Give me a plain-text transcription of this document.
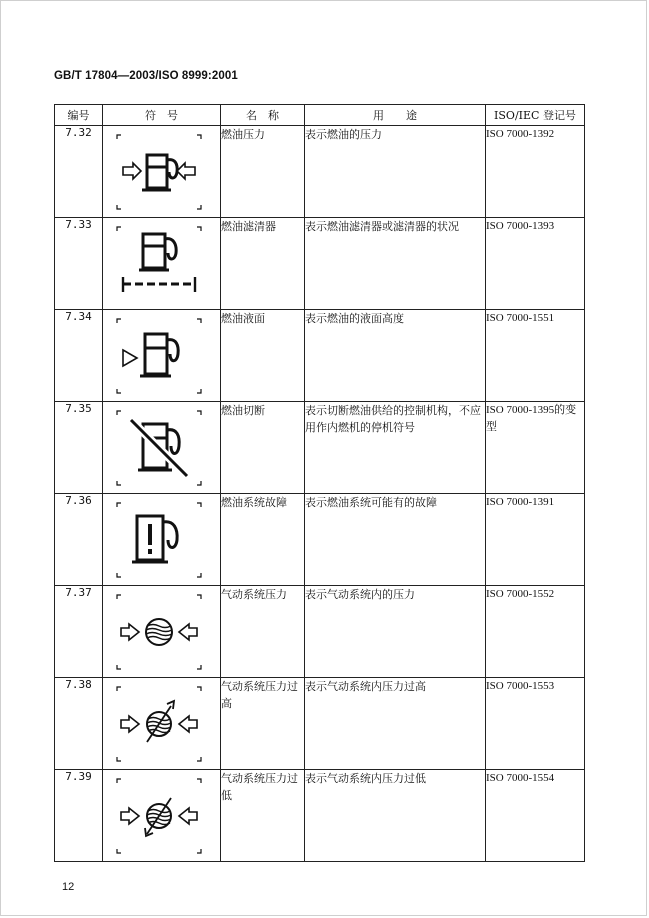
GB/T 17804—2003/ISO 8999:2001
编号	符　号	名　称	用　　途	ISO/IEC 登记号
7.32		燃油压力	表示燃油的压力	ISO 7000-1392
7.33		燃油滤清器	表示燃油滤清器或滤清器的状况	ISO 7000-1393
7.34		燃油液面	表示燃油的液面高度	ISO 7000-1551
7.35		燃油切断	表示切断燃油供给的控制机构，不应用作内燃机的停机符号	ISO 7000-1395的变型
7.36		燃油系统故障	表示燃油系统可能有的故障	ISO 7000-1391
7.37		气动系统压力	表示气动系统内的压力	ISO 7000-1552
7.38		气动系统压力过高	表示气动系统内压力过高	ISO 7000-1553
7.39		气动系统压力过低	表示气动系统内压力过低	ISO 7000-1554
12
